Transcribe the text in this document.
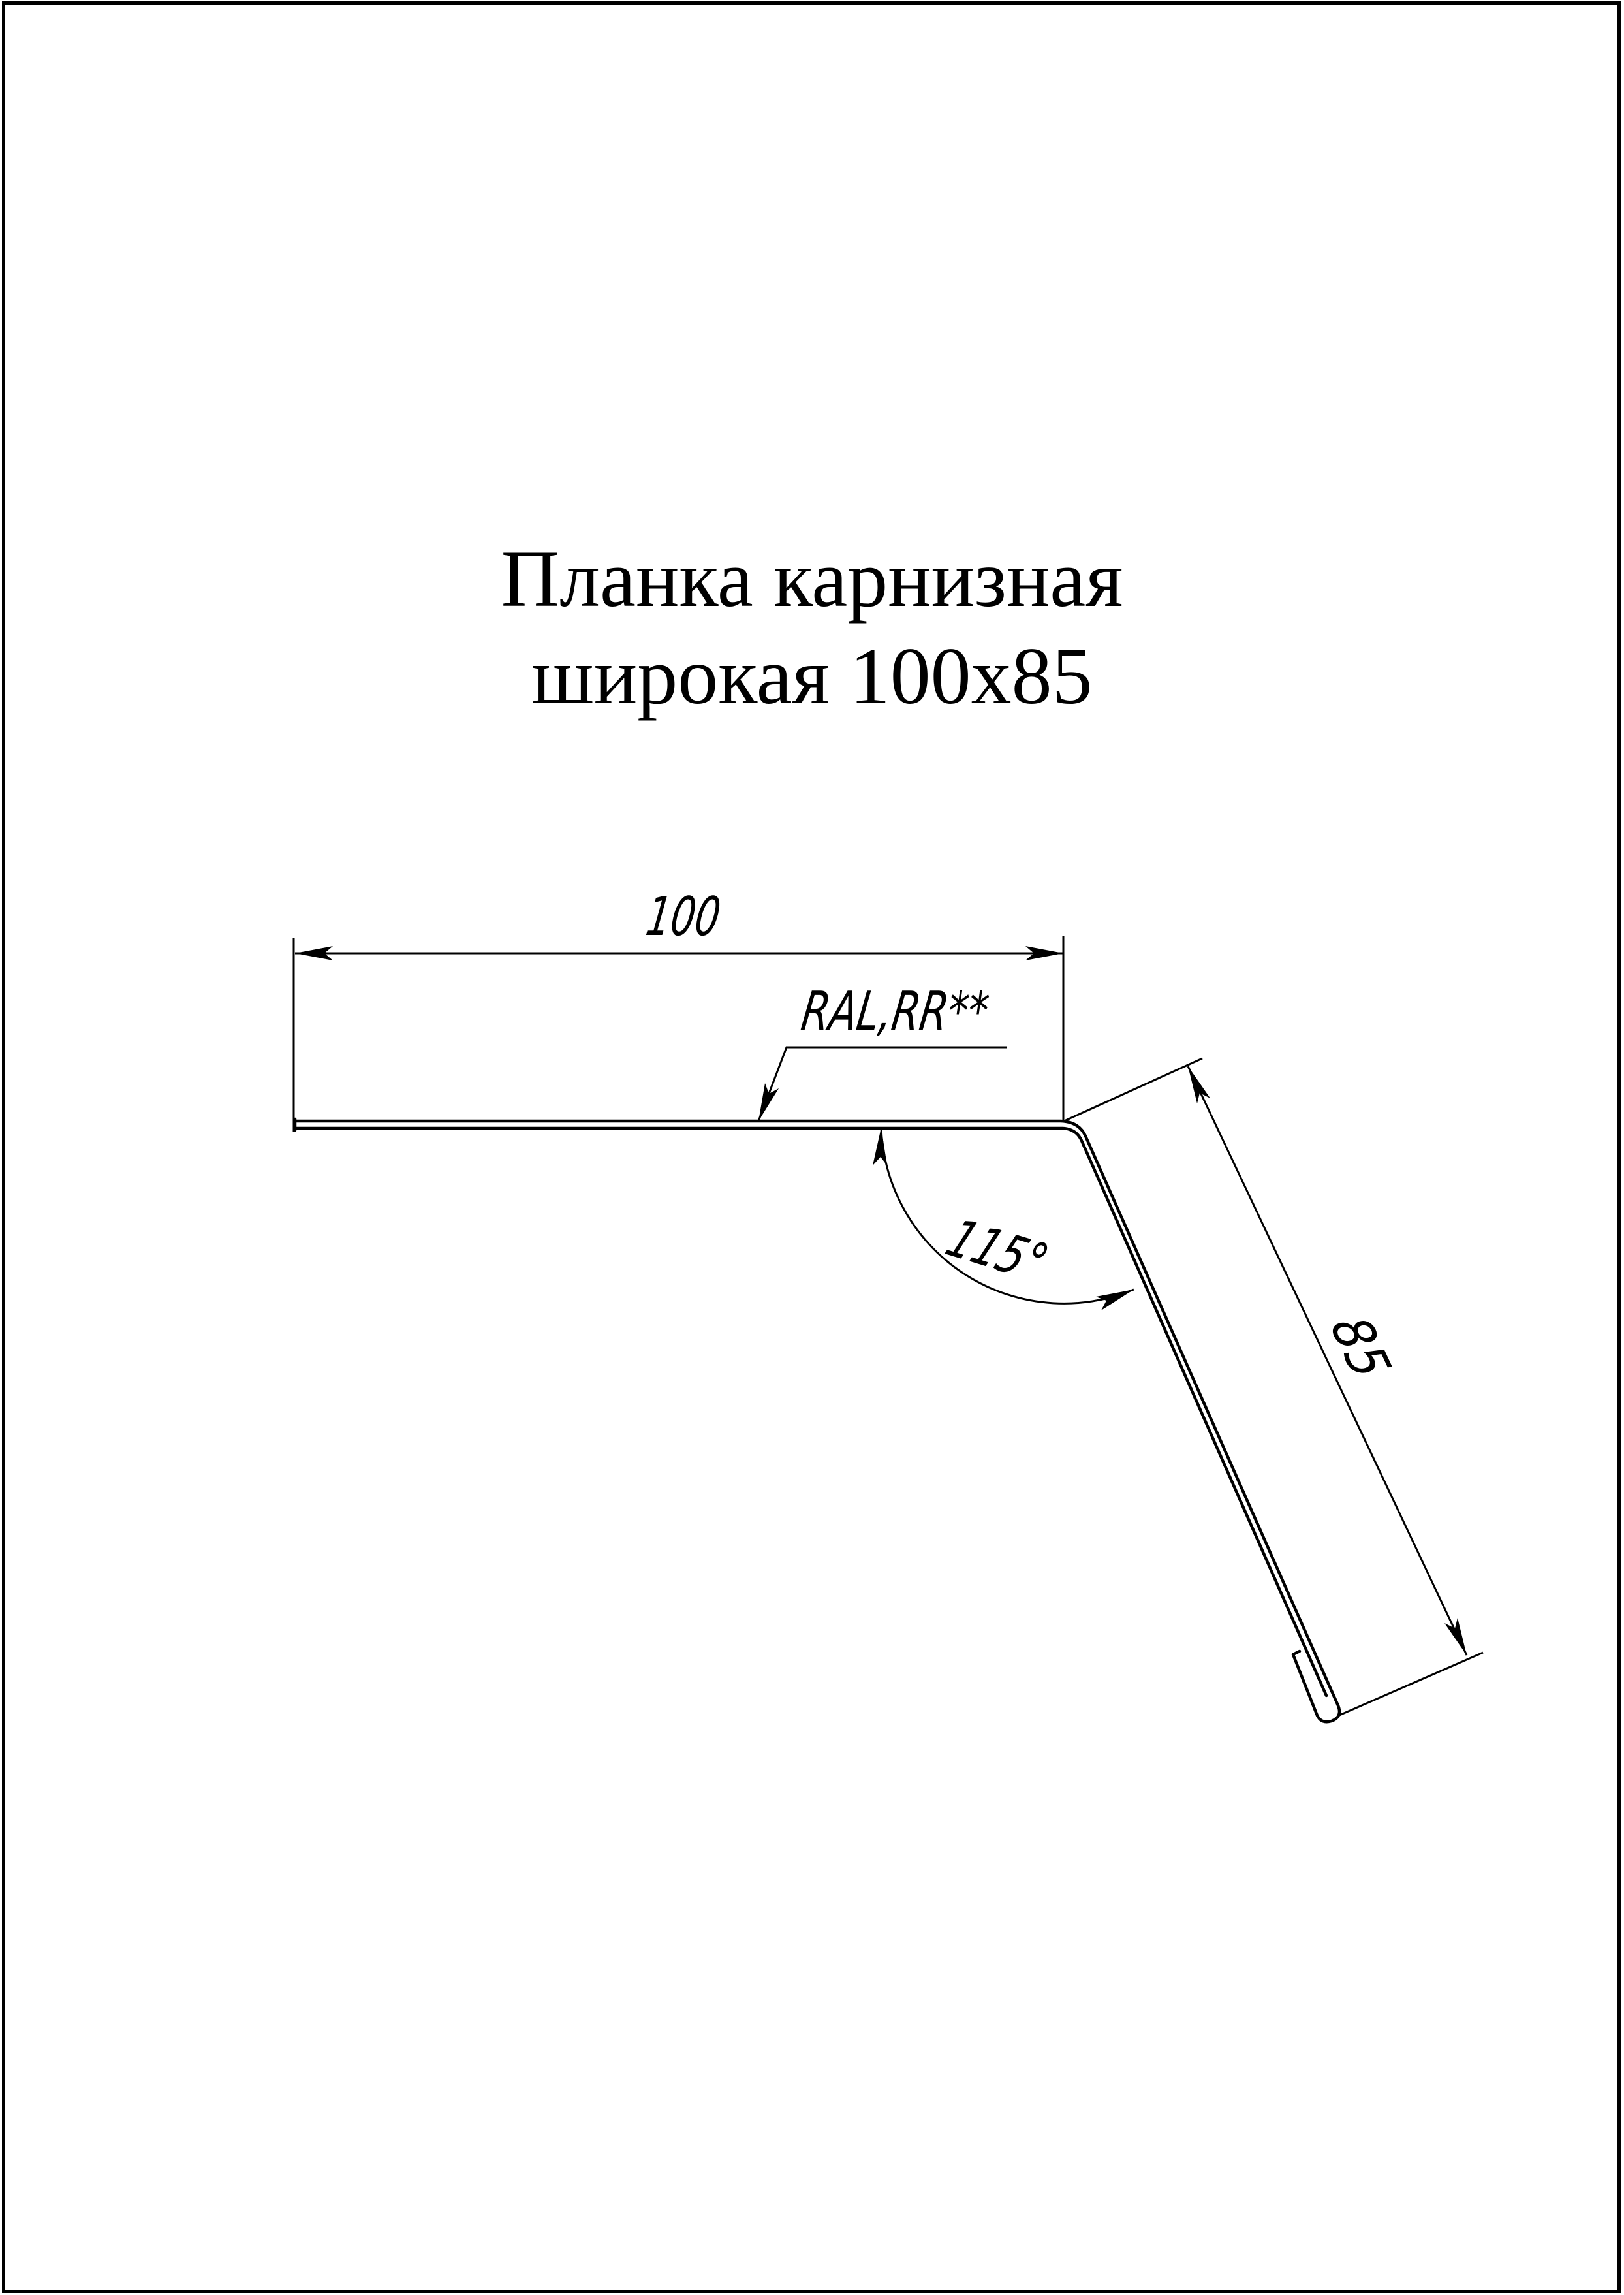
Планка карнизная
широкая 100x85
100
RAL,RR**
115°
85
